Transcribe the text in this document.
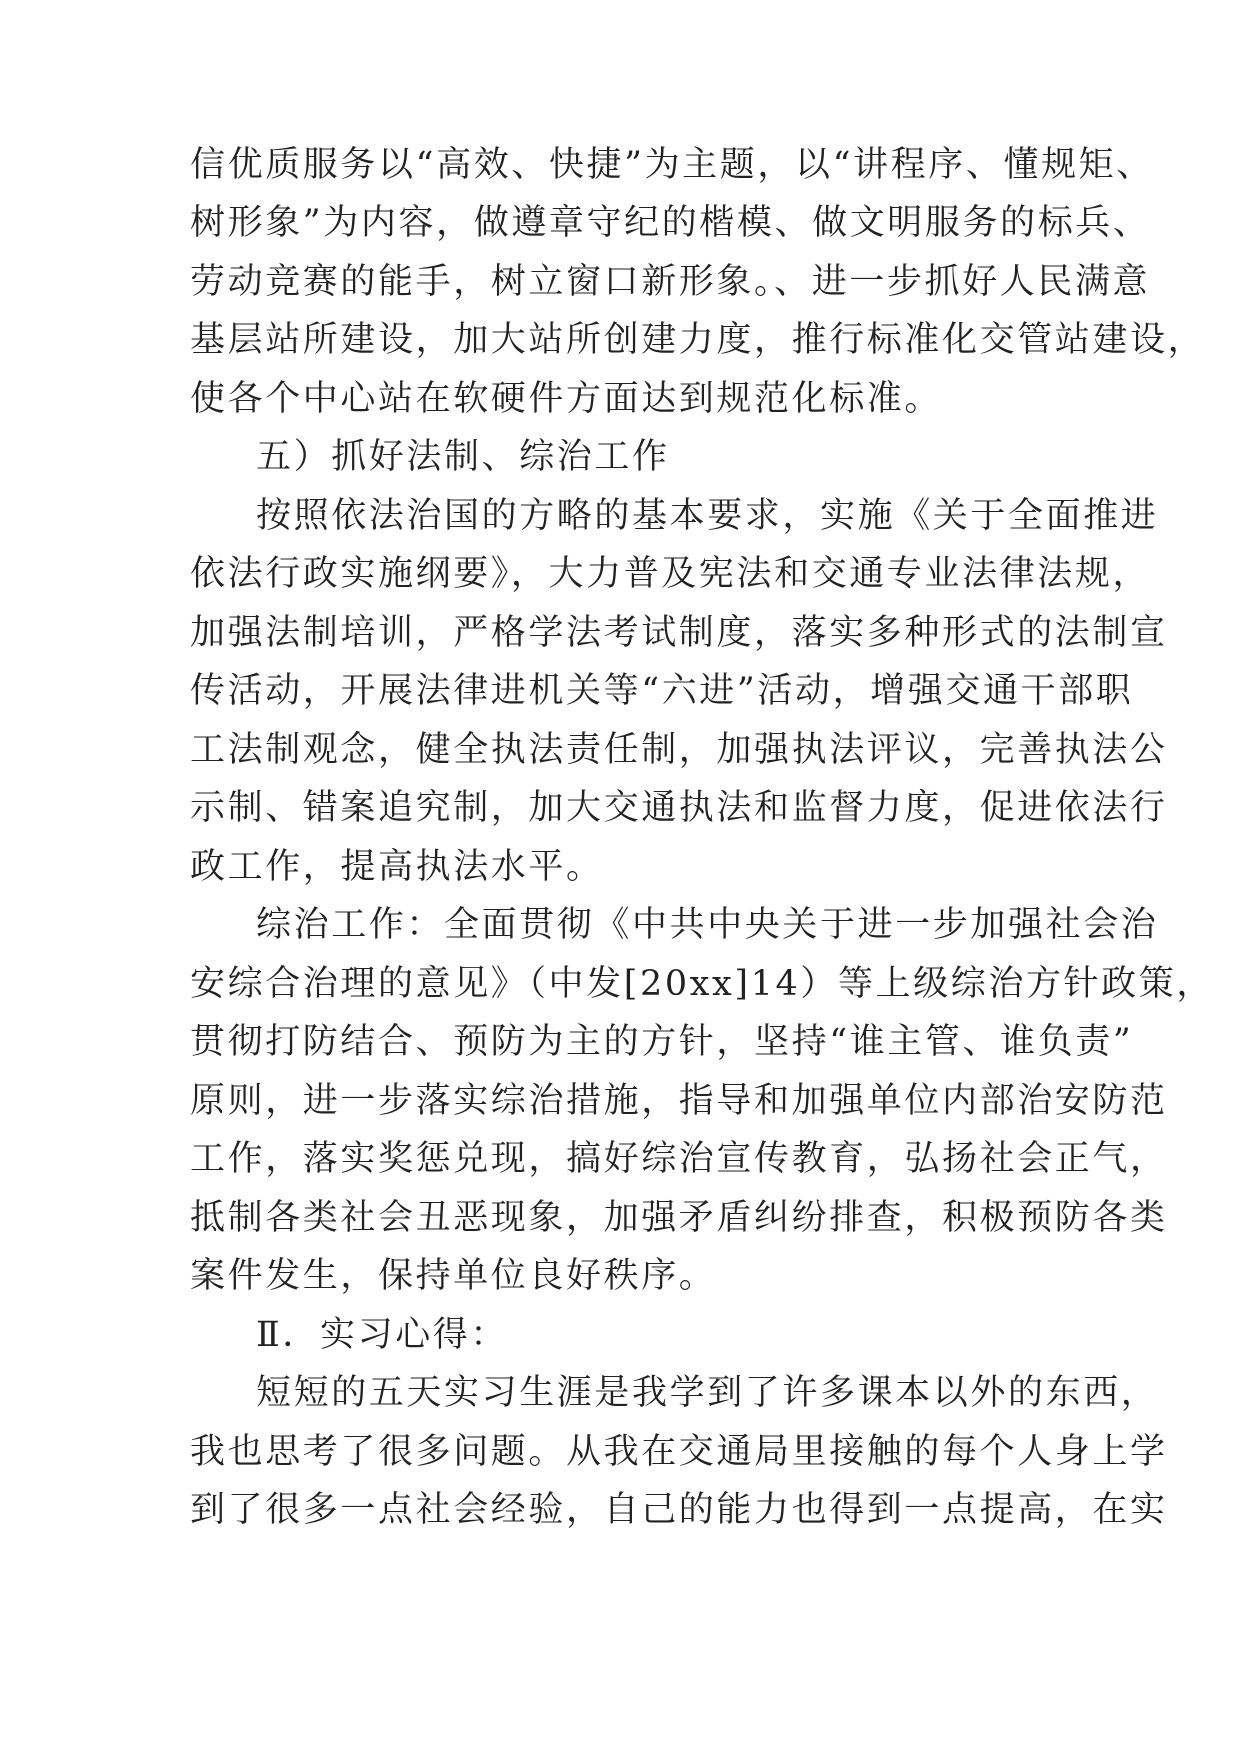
信优质服务以“高效、快捷”为主题，以“讲程序、懂规矩、
树形象”为内容，做遵章守纪的楷模、做文明服务的标兵、
劳动竞赛的能手，树立窗口新形象。、进一步抓好人民满意
基层站所建设，加大站所创建力度，推行标准化交管站建设，
使各个中心站在软硬件方面达到规范化标准。
五）抓好法制、综治工作
按照依法治国的方略的基本要求，实施《关于全面推进
依法行政实施纲要》，大力普及宪法和交通专业法律法规，
加强法制培训，严格学法考试制度，落实多种形式的法制宣
传活动，开展法律进机关等“六进”活动，增强交通干部职
工法制观念，健全执法责任制，加强执法评议，完善执法公
示制、错案追究制，加大交通执法和监督力度，促进依法行
政工作，提高执法水平。
综治工作：全面贯彻《中共中央关于进一步加强社会治
安综合治理的意见》（中发[20xx]14）等上级综治方针政策，
贯彻打防结合、预防为主的方针，坚持“谁主管、谁负责”
原则，进一步落实综治措施，指导和加强单位内部治安防范
工作，落实奖惩兑现，搞好综治宣传教育，弘扬社会正气，
抵制各类社会丑恶现象，加强矛盾纠纷排查，积极预防各类
案件发生，保持单位良好秩序。
Ⅱ．实习心得：
短短的五天实习生涯是我学到了许多课本以外的东西，
我也思考了很多问题。从我在交通局里接触的每个人身上学
到了很多一点社会经验，自己的能力也得到一点提高，在实
